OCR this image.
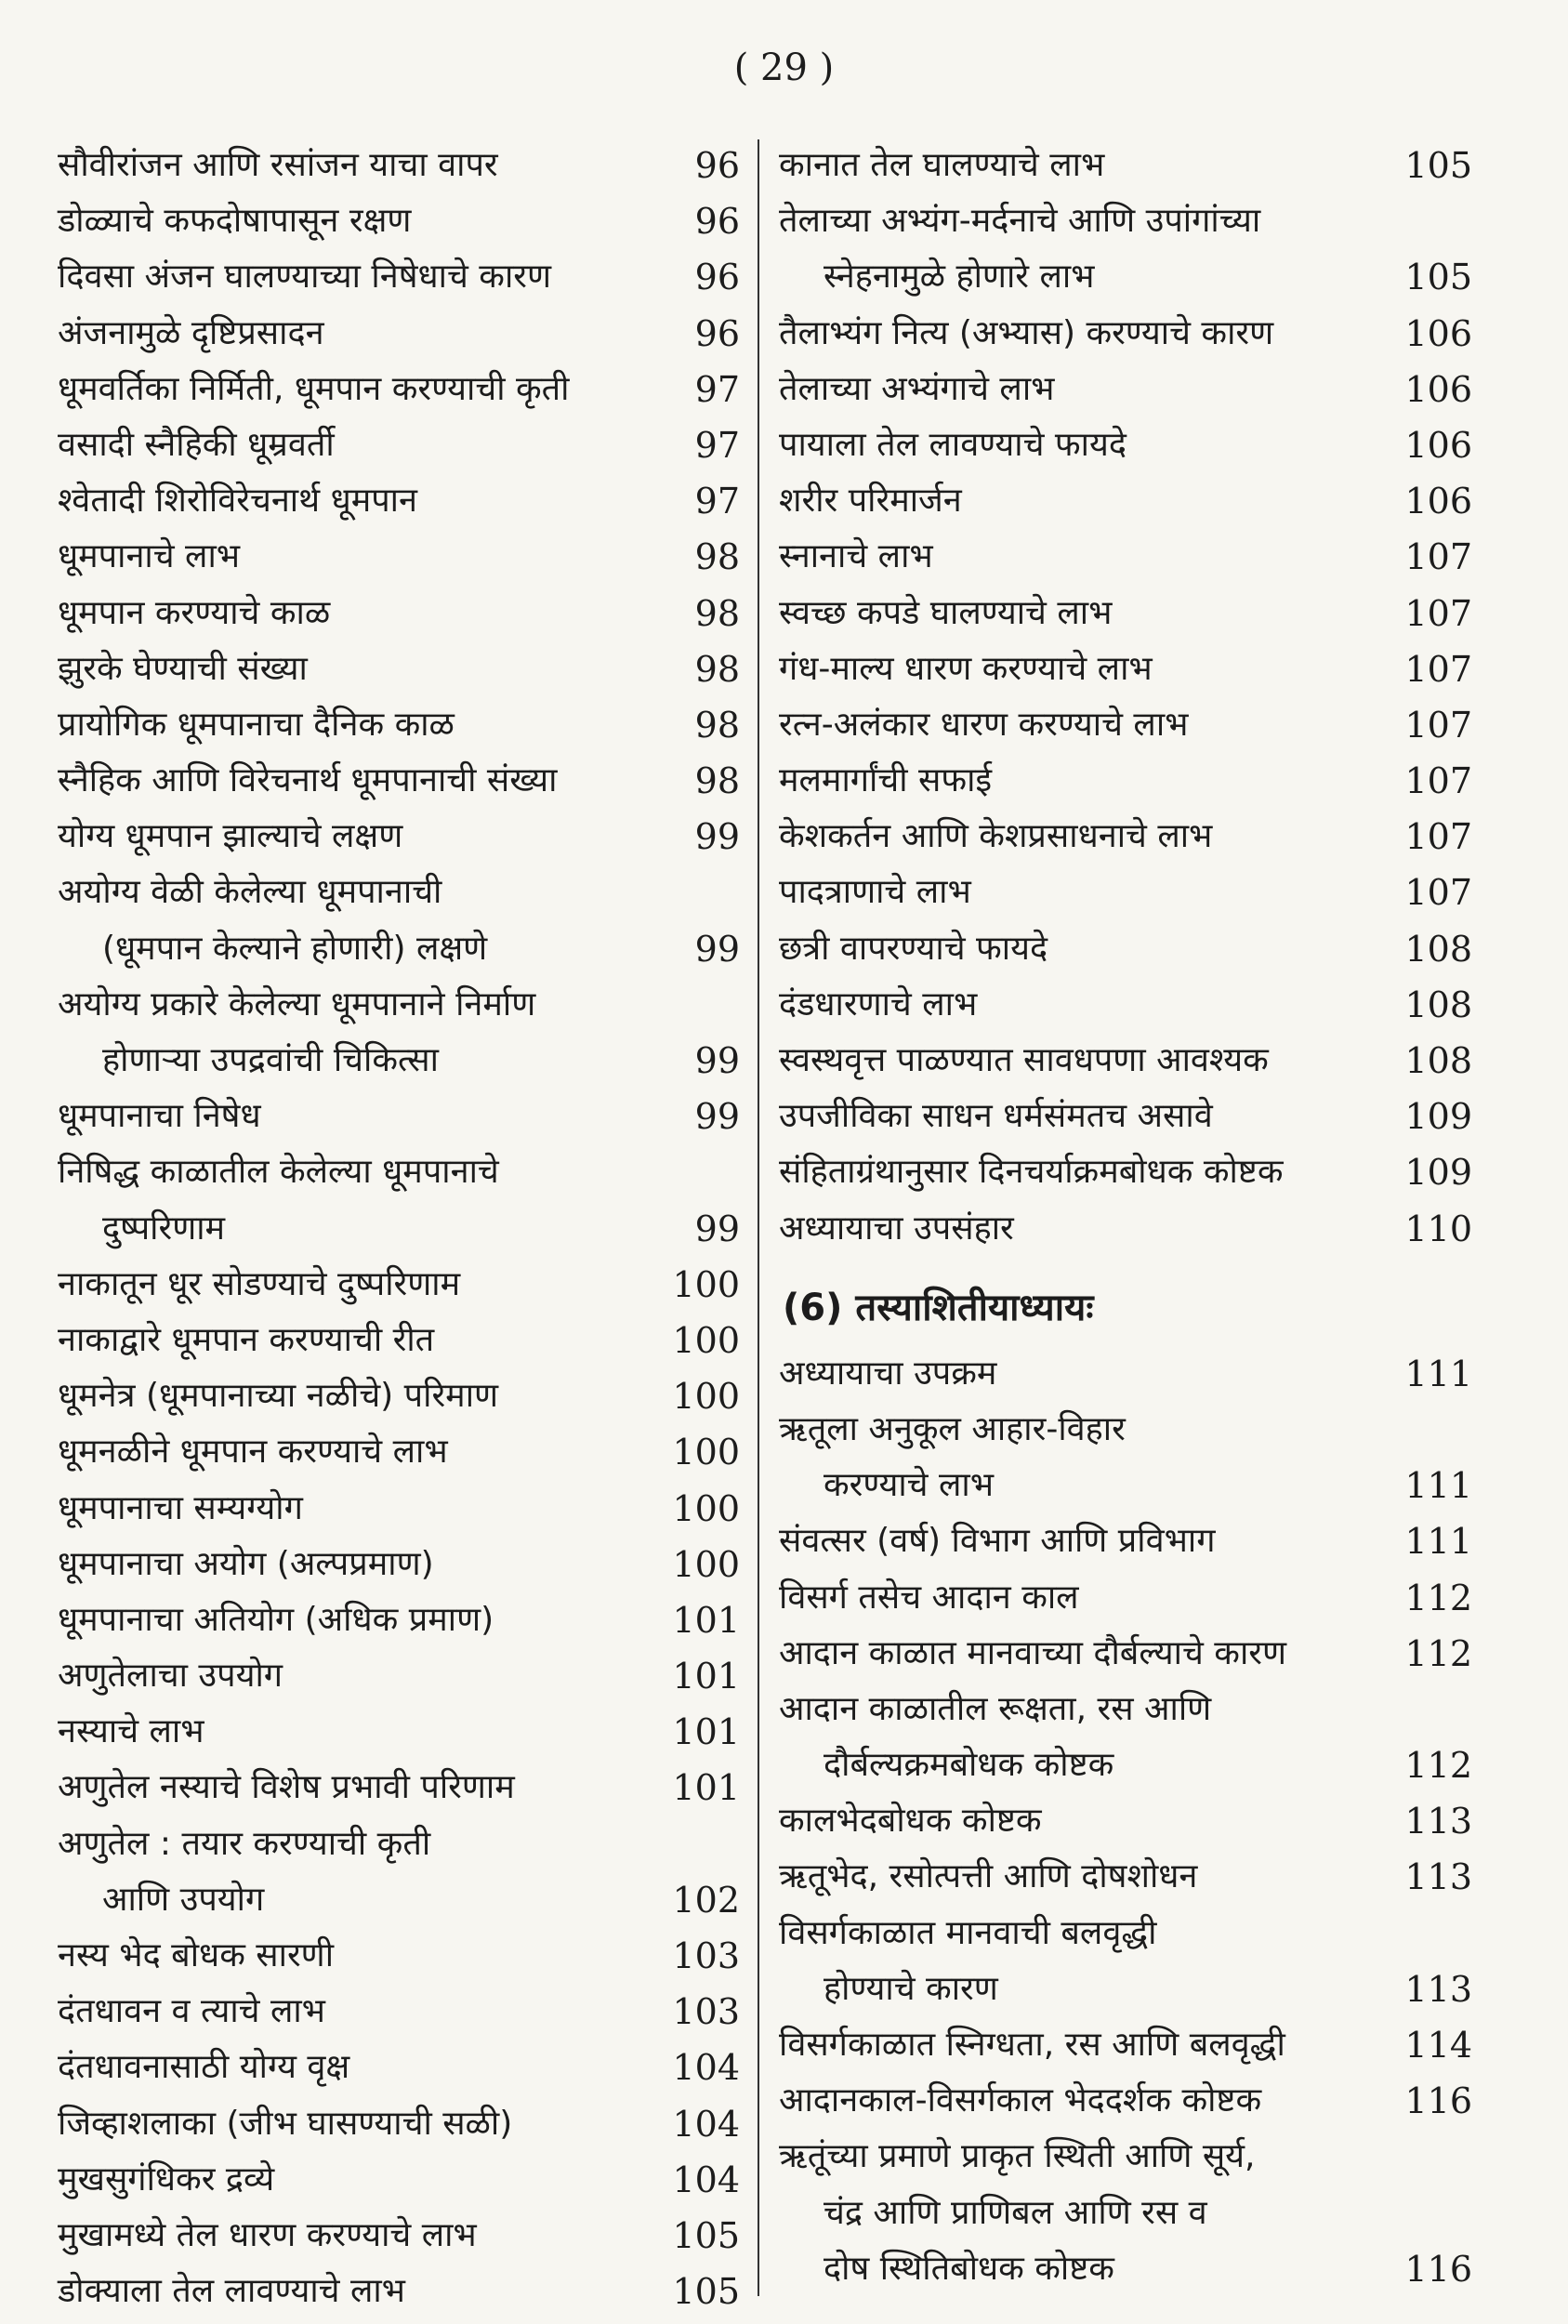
( 29 )
सौवीरांजन आणि रसांजन याचा वापर	96
डोळ्याचे कफदोषापासून रक्षण	96
दिवसा अंजन घालण्याच्या निषेधाचे कारण	96
अंजनामुळे दृष्टिप्रसादन	96
धूमवर्तिका निर्मिती, धूमपान करण्याची कृती	97
वसादी स्नैहिकी धूम्रवर्ती	97
श्वेतादी शिरोविरेचनार्थ धूमपान	97
धूमपानाचे लाभ	98
धूमपान करण्याचे काळ	98
झुरके घेण्याची संख्या	98
प्रायोगिक धूमपानाचा दैनिक काळ	98
स्नैहिक आणि विरेचनार्थ धूमपानाची संख्या	98
योग्य धूमपान झाल्याचे लक्षण	99
अयोग्य वेळी केलेल्या धूमपानाची
(धूमपान केल्याने होणारी) लक्षणे	99
अयोग्य प्रकारे केलेल्या धूमपानाने निर्माण
होणाऱ्या उपद्रवांची चिकित्सा	99
धूमपानाचा निषेध	99
निषिद्ध काळातील केलेल्या धूमपानाचे
दुष्परिणाम	99
नाकातून धूर सोडण्याचे दुष्परिणाम	100
नाकाद्वारे धूमपान करण्याची रीत	100
धूमनेत्र (धूमपानाच्या नळीचे) परिमाण	100
धूमनळीने धूमपान करण्याचे लाभ	100
धूमपानाचा सम्यग्योग	100
धूमपानाचा अयोग (अल्पप्रमाण)	100
धूमपानाचा अतियोग (अधिक प्रमाण)	101
अणुतेलाचा उपयोग	101
नस्याचे लाभ	101
अणुतेल नस्याचे विशेष प्रभावी परिणाम	101
अणुतेल : तयार करण्याची कृती
आणि उपयोग	102
नस्य भेद बोधक सारणी	103
दंतधावन व त्याचे लाभ	103
दंतधावनासाठी योग्य वृक्ष	104
जिव्हाशलाका (जीभ घासण्याची सळी)	104
मुखसुगंधिकर द्रव्ये	104
मुखामध्ये तेल धारण करण्याचे लाभ	105
डोक्याला तेल लावण्याचे लाभ	105
कानात तेल घालण्याचे लाभ	105
तेलाच्या अभ्यंग-मर्दनाचे आणि उपांगांच्या
स्नेहनामुळे होणारे लाभ	105
तैलाभ्यंग नित्य (अभ्यास) करण्याचे कारण	106
तेलाच्या अभ्यंगाचे लाभ	106
पायाला तेल लावण्याचे फायदे	106
शरीर परिमार्जन	106
स्नानाचे लाभ	107
स्वच्छ कपडे घालण्याचे लाभ	107
गंध-माल्य धारण करण्याचे लाभ	107
रत्न-अलंकार धारण करण्याचे लाभ	107
मलमार्गांची सफाई	107
केशकर्तन आणि केशप्रसाधनाचे लाभ	107
पादत्राणाचे लाभ	107
छत्री वापरण्याचे फायदे	108
दंडधारणाचे लाभ	108
स्वस्थवृत्त पाळण्यात सावधपणा आवश्यक	108
उपजीविका साधन धर्मसंमतच असावे	109
संहिताग्रंथानुसार दिनचर्याक्रमबोधक कोष्टक	109
अध्यायाचा उपसंहार	110
(6) तस्याशितीयाध्यायः
अध्यायाचा उपक्रम	111
ऋतूला अनुकूल आहार-विहार
करण्याचे लाभ	111
संवत्सर (वर्ष) विभाग आणि प्रविभाग	111
विसर्ग तसेच आदान काल	112
आदान काळात मानवाच्या दौर्बल्याचे कारण	112
आदान काळातील रूक्षता, रस आणि
दौर्बल्यक्रमबोधक कोष्टक	112
कालभेदबोधक कोष्टक	113
ऋतूभेद, रसोत्पत्ती आणि दोषशोधन	113
विसर्गकाळात मानवाची बलवृद्धी
होण्याचे कारण	113
विसर्गकाळात स्निग्धता, रस आणि बलवृद्धी	114
आदानकाल-विसर्गकाल भेददर्शक कोष्टक	116
ऋतूंच्या प्रमाणे प्राकृत स्थिती आणि सूर्य,
चंद्र आणि प्राणिबल आणि रस व
दोष स्थितिबोधक कोष्टक	116
